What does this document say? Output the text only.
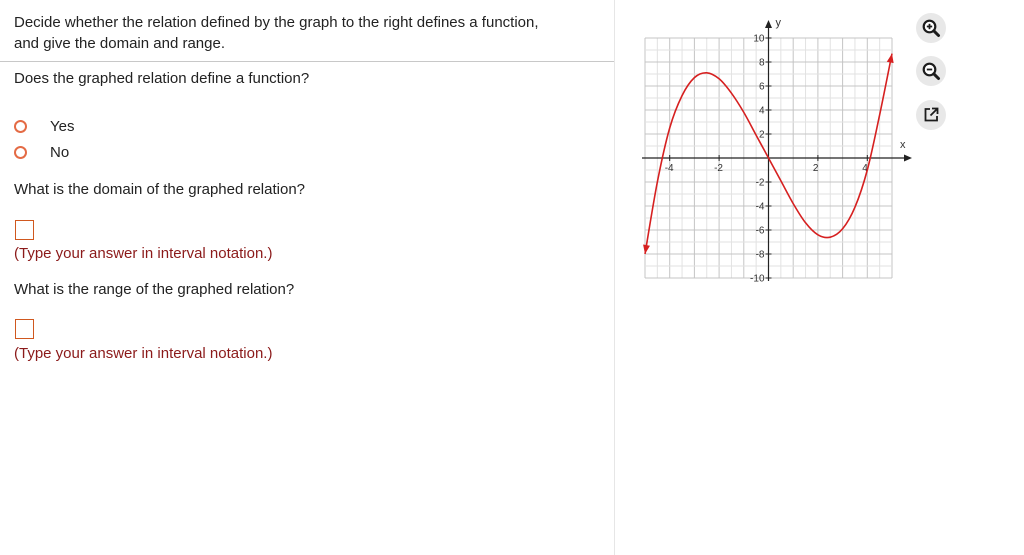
Decide whether the relation defined by the graph to the right defines a function,
and give the domain and range.
Does the graphed relation define a function?
Yes
No
What is the domain of the graphed relation?
(Type your answer in interval notation.)
What is the range of the graphed relation?
(Type your answer in interval notation.)
-4	-2	2	4
10
8
6
4
2
-2
-4
-6
-8
-10
x
y
